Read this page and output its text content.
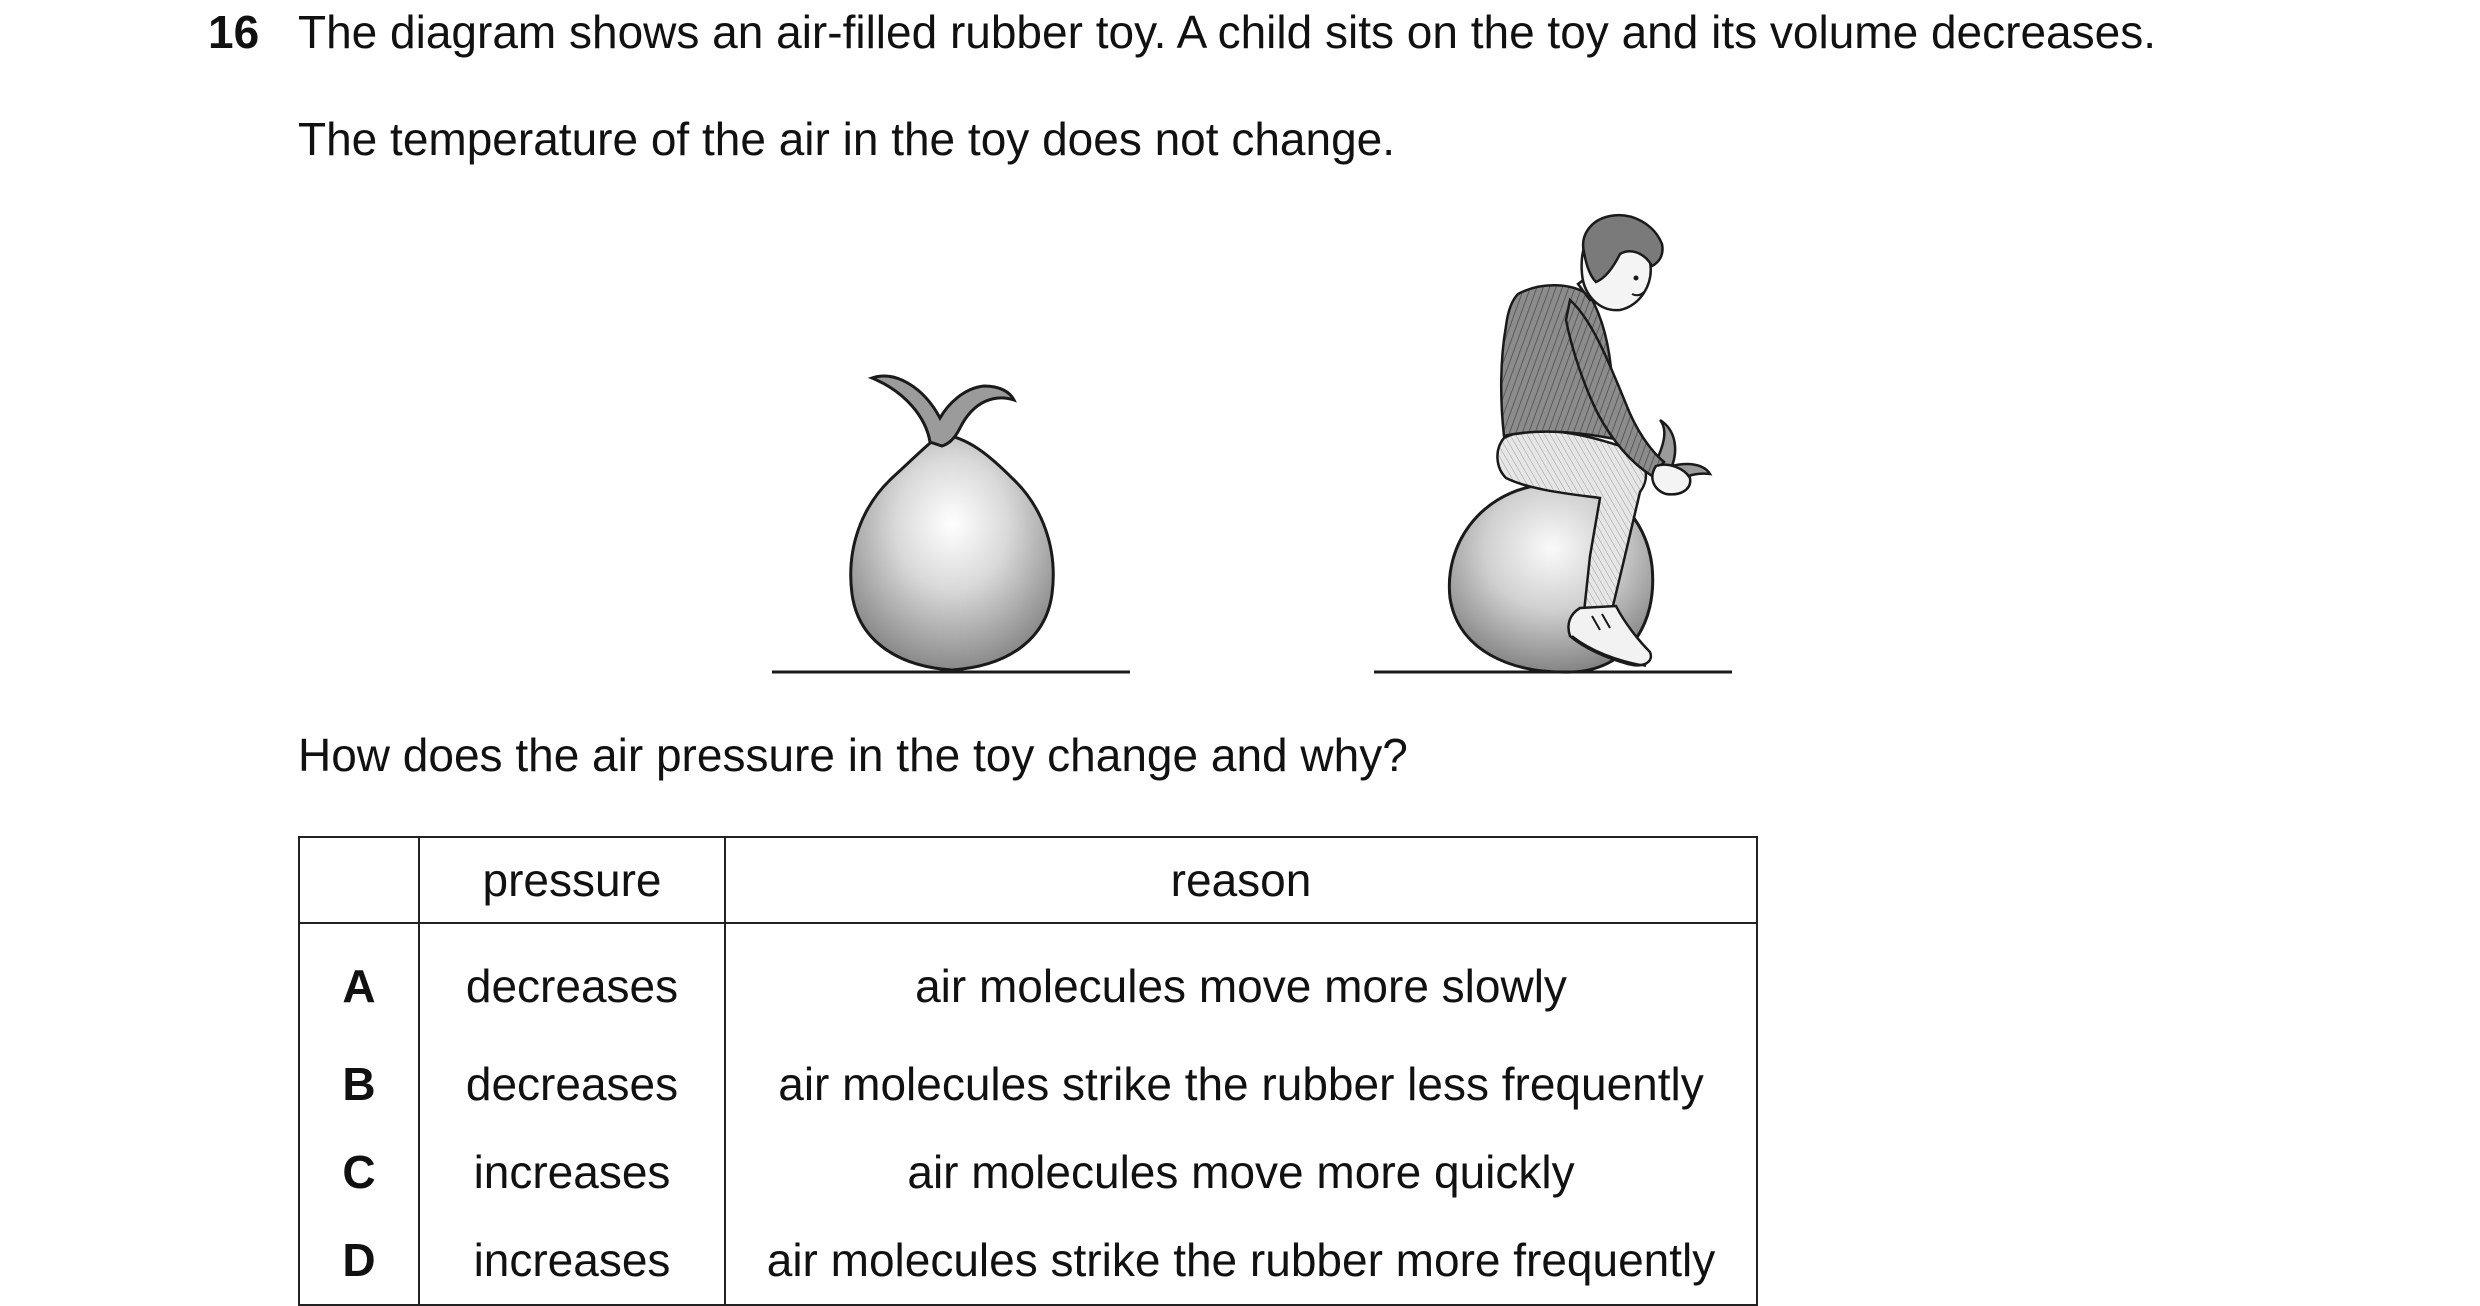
16 The diagram shows an air-filled rubber toy. A child sits on the toy and its volume decreases.
The temperature of the air in the toy does not change.
How does the air pressure in the toy change and why?
	pressure	reason
A	decreases	air molecules move more slowly
B	decreases	air molecules strike the rubber less frequently
C	increases	air molecules move more quickly
D	increases	air molecules strike the rubber more frequently
